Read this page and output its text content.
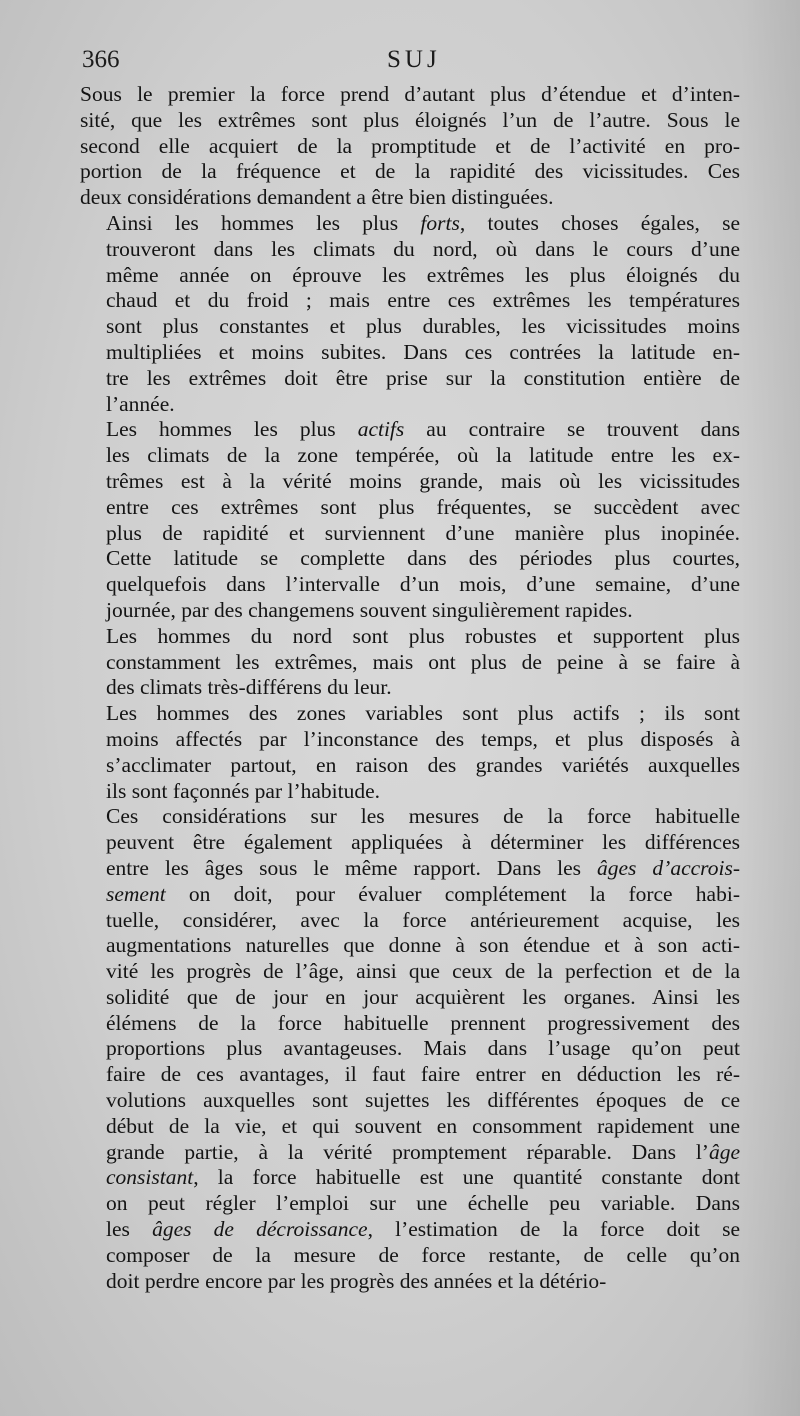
366	SUJ
Sous le premier la force prend d’autant plus d’étendue et d’inten-
sité, que les extrêmes sont plus éloignés l’un de l’autre. Sous le
second elle acquiert de la promptitude et de l’activité en pro-
portion de la fréquence et de la rapidité des vicissitudes. Ces
deux considérations demandent a être bien distinguées.
Ainsi les hommes les plus forts, toutes choses égales, se
trouveront dans les climats du nord, où dans le cours d’une
même année on éprouve les extrêmes les plus éloignés du
chaud et du froid ; mais entre ces extrêmes les températures
sont plus constantes et plus durables, les vicissitudes moins
multipliées et moins subites. Dans ces contrées la latitude en-
tre les extrêmes doit être prise sur la constitution entière de
l’année.
Les hommes les plus actifs au contraire se trouvent dans
les climats de la zone tempérée, où la latitude entre les ex-
trêmes est à la vérité moins grande, mais où les vicissitudes
entre ces extrêmes sont plus fréquentes, se succèdent avec
plus de rapidité et surviennent d’une manière plus inopinée.
Cette latitude se complette dans des périodes plus courtes,
quelquefois dans l’intervalle d’un mois, d’une semaine, d’une
journée, par des changemens souvent singulièrement rapides.
Les hommes du nord sont plus robustes et supportent plus
constamment les extrêmes, mais ont plus de peine à se faire à
des climats très-différens du leur.
Les hommes des zones variables sont plus actifs ; ils sont
moins affectés par l’inconstance des temps, et plus disposés à
s’acclimater partout, en raison des grandes variétés auxquelles
ils sont façonnés par l’habitude.
Ces considérations sur les mesures de la force habituelle
peuvent être également appliquées à déterminer les différences
entre les âges sous le même rapport. Dans les âges d’accrois-
sement on doit, pour évaluer complétement la force habi-
tuelle, considérer, avec la force antérieurement acquise, les
augmentations naturelles que donne à son étendue et à son acti-
vité les progrès de l’âge, ainsi que ceux de la perfection et de la
solidité que de jour en jour acquièrent les organes. Ainsi les
élémens de la force habituelle prennent progressivement des
proportions plus avantageuses. Mais dans l’usage qu’on peut
faire de ces avantages, il faut faire entrer en déduction les ré-
volutions auxquelles sont sujettes les différentes époques de ce
début de la vie, et qui souvent en consomment rapidement une
grande partie, à la vérité promptement réparable. Dans l’âge
consistant, la force habituelle est une quantité constante dont
on peut régler l’emploi sur une échelle peu variable. Dans
les âges de décroissance, l’estimation de la force doit se
composer de la mesure de force restante, de celle qu’on
doit perdre encore par les progrès des années et la détério-
